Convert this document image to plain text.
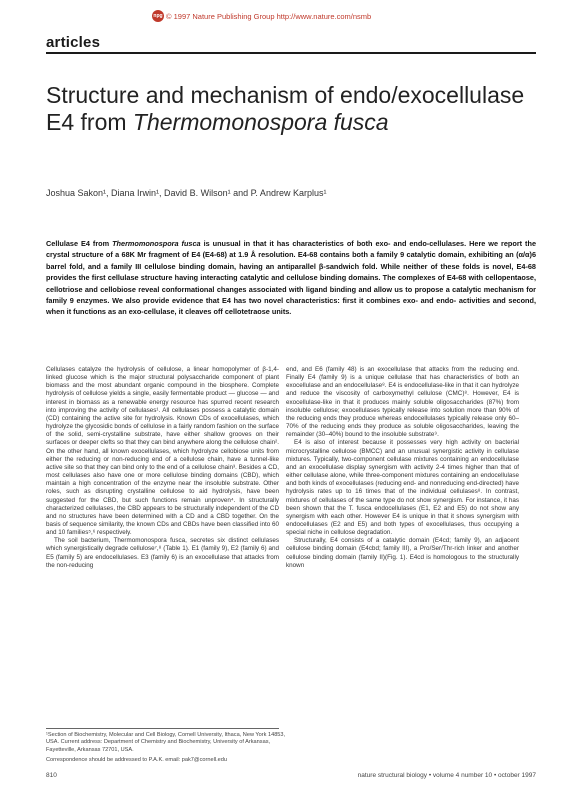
npg © 1997 Nature Publishing Group http://www.nature.com/nsmb
articles
Structure and mechanism of endo/exocellulase
E4 from Thermomonospora fusca
Joshua Sakon¹, Diana Irwin¹, David B. Wilson¹ and P. Andrew Karplus¹
Cellulase E4 from Thermomonospora fusca is unusual in that it has characteristics of both exo- and endo-cellulases. Here we report the crystal structure of a 68K Mr fragment of E4 (E4-68) at 1.9 Å resolution. E4-68 contains both a family 9 catalytic domain, exhibiting an (α/α)6 barrel fold, and a family III cellulose binding domain, having an antiparallel β-sandwich fold. While neither of these folds is novel, E4-68 provides the first cellulase structure having interacting catalytic and cellulose binding domains. The complexes of E4-68 with cellopentaose, cellotriose and cellobiose reveal conformational changes associated with ligand binding and allow us to propose a catalytic mechanism for family 9 enzymes. We also provide evidence that E4 has two novel characteristics: first it combines exo- and endo- activities and second, when it functions as an exo-cellulase, it cleaves off cellotetraose units.

Cellulases catalyze the hydrolysis of cellulose, a linear homopolymer of β-1,4-linked glucose which is the major structural polysaccharide component of plant biomass and the most abundant organic compound in the biosphere. Complete hydrolysis of cellulose yields a single, easily fermentable product — glucose — and interest in biomass as a renewable energy resource has spurred recent research into improving the activity of cellulases¹. All cellulases possess a catalytic domain (CD) containing the active site for hydrolysis. Known CDs of exocellulases, which hydrolyze the glycosidic bonds of cellulose in a fairly random fashion on the surface of the solid, semi-crystalline substrate, have either shallow grooves on their surfaces or deeper clefts so that they can bind anywhere along the cellulose chain². On the other hand, all known exocellulases, which hydrolyze cellobiose units from either the reducing or non-reducing end of a cellulose chain, have a tunnel-like active site so that they can bind only to the end of a cellulose chain³. Besides a CD, most cellulases also have one or more cellulose binding domains (CBD), which maintain a high concentration of the enzyme near the insoluble substrate. Other roles, such as disrupting crystalline cellulose to aid hydrolysis, have been suggested for the CBD, but such functions remain unproven⁴. In structurally characterized cellulases, the CBD appears to be structurally independent of the CD and no structures have been determined with a CD and a CBD together. On the basis of sequence similarity, the known CDs and CBDs have been classified into 60 and 10 families⁵,⁶ respectively.

The soil bacterium, Thermomonospora fusca, secretes six distinct cellulases which synergistically degrade cellulose⁷,⁸ (Table 1). E1 (family 9), E2 (family 6) and E5 (family 5) are endocellulases. E3 (family 6) is an exocellulase that attacks from the non-reducing

end, and E6 (family 48) is an exocellulase that attacks from the reducing end. Finally E4 (family 9) is a unique cellulase that has characteristics of both an exocellulase and an endocellulase⁸. E4 is endocellulase-like in that it can hydrolyze and reduce the viscosity of carboxymethyl cellulose (CMC)⁸. However, E4 is exocellulase-like in that it produces mainly soluble oligosaccharides (87%) from insoluble cellulose; exocellulases typically release into solution more than 90% of the reducing ends they produce whereas endocellulases typically release only 60–70% of the reducing ends they produce as soluble oligosaccharides, leaving the remainder (30–40%) bound to the insoluble substrate⁹.

E4 is also of interest because it possesses very high activity on bacterial microcrystalline cellulose (BMCC) and an unusual synergistic activity in cellulase mixtures. Typically, two-component cellulase mixtures containing an endocellulase and an exocellulase display synergism with activity 2-4 times higher than that of either cellulase alone, while three-component mixtures containing an endocellulase and both kinds of exocellulases (reducing end- and nonreducing end-directed) have hydrolysis rates up to 16 times that of the individual cellulases⁸. In contrast, mixtures of cellulases of the same type do not show synergism. For instance, it has been shown that the T. fusca endocellulases (E1, E2 and E5) do not show any synergism with each other. However E4 is unique in that it shows synergism with endocellulases (E2 and E5) and both types of exocellulases, thus occupying a special niche in cellulose degradation.

Structurally, E4 consists of a catalytic domain (E4cd; family 9), an adjacent cellulose binding domain (E4cbd; family III), a Pro/Ser/Thr-rich linker and another cellulose binding domain (family II)(Fig. 1). E4cd is homologous to the structurally known

¹Section of Biochemistry, Molecular and Cell Biology, Cornell University, Ithaca, New York 14853, USA. Current address: Department of Chemistry and Biochemistry, University of Arkansas, Fayetteville, Arkansas 72701, USA.
Correspondence should be addressed to P.A.K. email: pak7@cornell.edu
810	nature structural biology • volume 4 number 10 • october 1997
